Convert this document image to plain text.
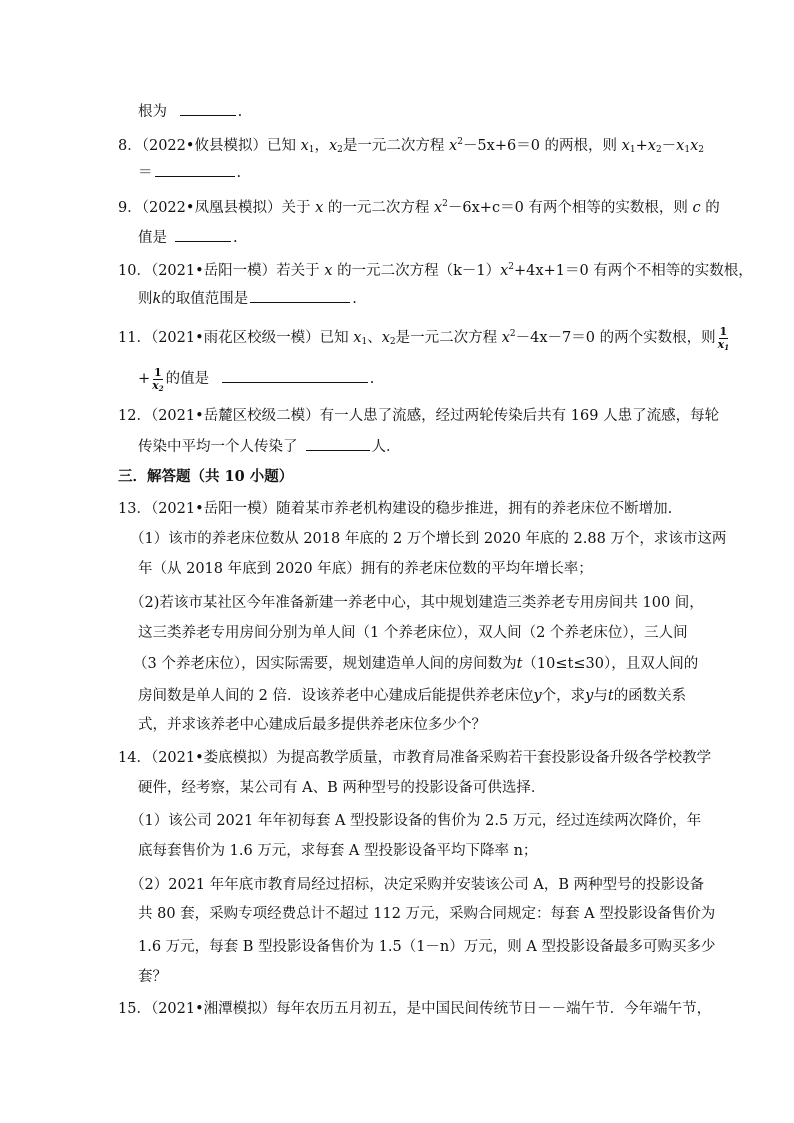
根为	.
8．（2022•攸县模拟）已知 $x_1$，$x_2$是一元二次方程 $x^2-5x+6=0$ 的两根，则 $x_1+x_2-x_1x_2$
＝	.
9．（2022•凤凰县模拟）关于 x 的一元二次方程 $x^2-6x+c=0$ 有两个相等的实数根，则 c 的
值是	.
10．（2021•岳阳一模）若关于 x 的一元二次方程$(k-1)x^2+4x+1=0$ 有两个不相等的实数根，
则k的取值范围是	.
11．（2021•雨花区校级一模）已知 $x_1$、$x_2$是一元二次方程 $x^2-4x-7=0$ 的两个实数根，则 $\frac{1}{x_1}$
+ $\frac{1}{x_2}$ 的值是	.
12．（2021•岳麓区校级二模）有一人患了流感，经过两轮传染后共有 169 人患了流感，每轮
传染中平均一个人传染了	人．
三．解答题（共 10 小题）
13．（2021•岳阳一模）随着某市养老机构建设的稳步推进，拥有的养老床位不断增加.
（1）该市的养老床位数从 2018 年底的 2 万个增长到 2020 年底的 2.88 万个，求该市这两
年（从 2018 年底到 2020 年底）拥有的养老床位数的平均年增长率；
（2)若该市某社区今年准备新建一养老中心，其中规划建造三类养老专用房间共 100 间，
这三类养老专用房间分别为单人间（1 个养老床位），双人间（2 个养老床位），三人间
（3 个养老床位），因实际需要，规划建造单人间的房间数为t（10≤t≤30），且双人间的
房间数是单人间的 2 倍．设该养老中心建成后能提供养老床位y个，求y与t的函数关系
式，并求该养老中心建成后最多提供养老床位多少个？
14．（2021•娄底模拟）为提高教学质量，市教育局准备采购若干套投影设备升级各学校教学
硬件，经考察，某公司有 A、B 两种型号的投影设备可供选择．
（1）该公司 2021 年年初每套 A 型投影设备的售价为 2.5 万元，经过连续两次降价，年
底每套售价为 1.6 万元，求每套 A 型投影设备平均下降率 n；
（2）2021 年年底市教育局经过招标，决定采购并安装该公司 A，B 两种型号的投影设备
共 80 套，采购专项经费总计不超过 112 万元，采购合同规定：每套 A 型投影设备售价为
1.6 万元，每套 B 型投影设备售价为 1.5（1－n）万元，则 A 型投影设备最多可购买多少
套？
15．（2021•湘潭模拟）每年农历五月初五，是中国民间传统节日－－端午节．今年端午节，
